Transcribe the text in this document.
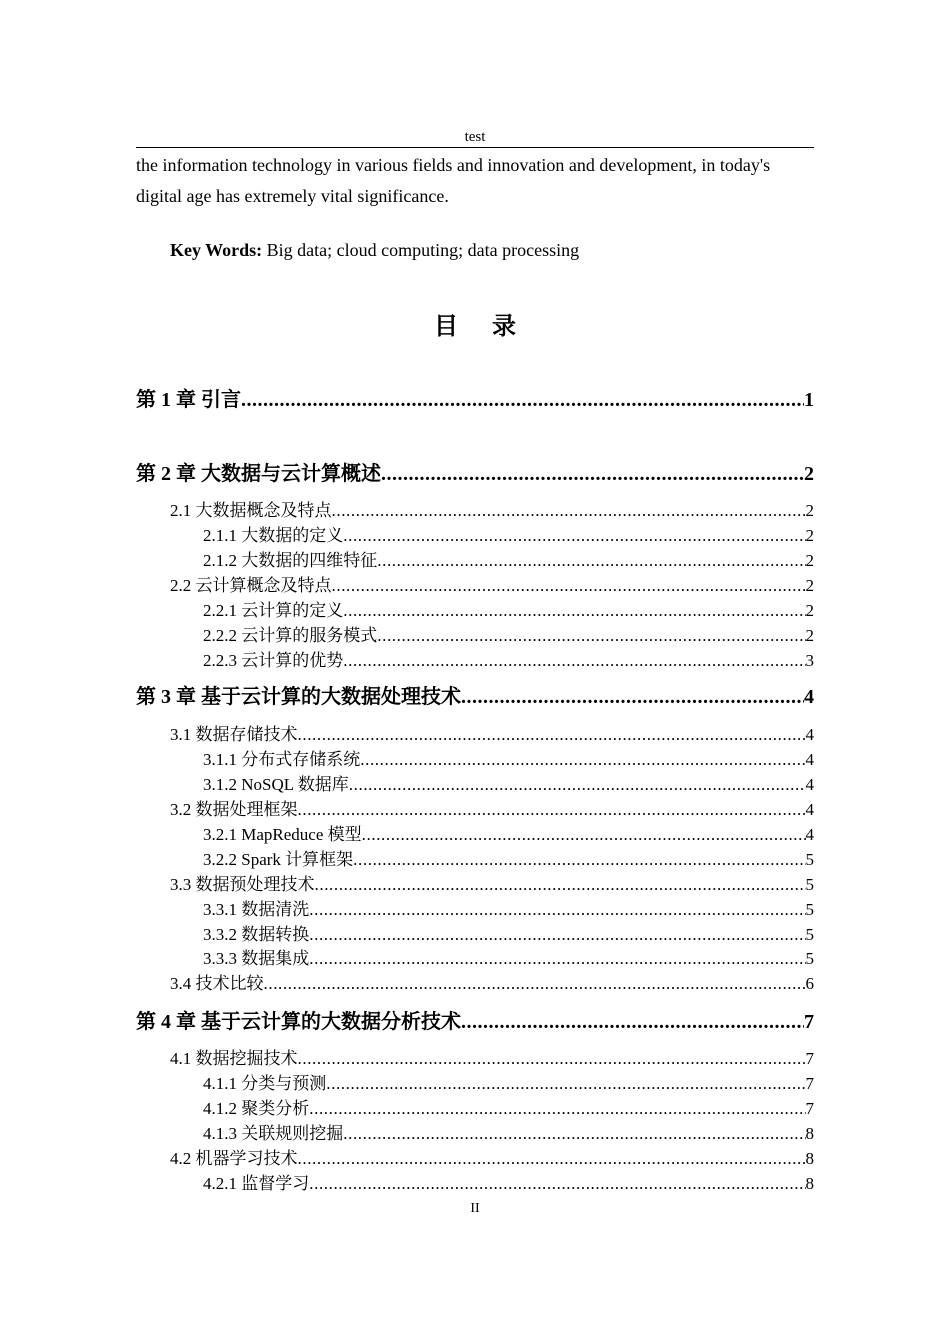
test
the information technology in various fields and innovation and development, in today's
digital age has extremely vital significance.
Key Words: Big data; cloud computing; data processing
目 录
第 1 章 引言 .....	1
第 2 章 大数据与云计算概述 .....	2
2.1 大数据概念及特点 .....	2
2.1.1 大数据的定义 .....	2
2.1.2 大数据的四维特征 .....	2
2.2 云计算概念及特点 .....	2
2.2.1 云计算的定义 .....	2
2.2.2 云计算的服务模式 .....	2
2.2.3 云计算的优势 .....	3
第 3 章 基于云计算的大数据处理技术 .....	4
3.1 数据存储技术 .....	4
3.1.1 分布式存储系统 .....	4
3.1.2 NoSQL 数据库 .....	4
3.2 数据处理框架 .....	4
3.2.1 MapReduce 模型 .....	4
3.2.2 Spark 计算框架 .....	5
3.3 数据预处理技术 .....	5
3.3.1 数据清洗 .....	5
3.3.2 数据转换 .....	5
3.3.3 数据集成 .....	5
3.4 技术比较 .....	6
第 4 章 基于云计算的大数据分析技术 .....	7
4.1 数据挖掘技术 .....	7
4.1.1 分类与预测 .....	7
4.1.2 聚类分析 .....	7
4.1.3 关联规则挖掘 .....	8
4.2 机器学习技术 .....	8
4.2.1 监督学习 .....	8
II
